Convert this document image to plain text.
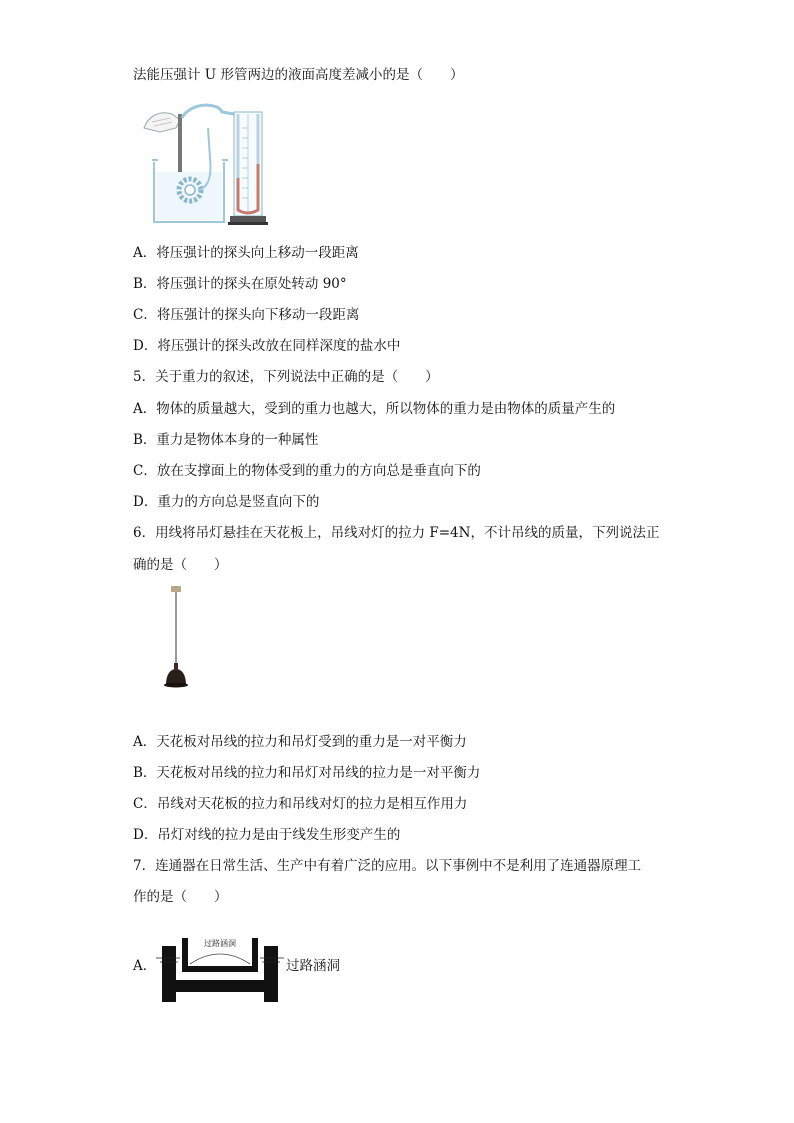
法能压强计 U 形管两边的液面高度差减小的是（　　）
A．将压强计的探头向上移动一段距离
B．将压强计的探头在原处转动 90°
C．将压强计的探头向下移动一段距离
D．将压强计的探头改放在同样深度的盐水中
5．关于重力的叙述，下列说法中正确的是（　　）
A．物体的质量越大，受到的重力也越大，所以物体的重力是由物体的质量产生的
B．重力是物体本身的一种属性
C．放在支撑面上的物体受到的重力的方向总是垂直向下的
D．重力的方向总是竖直向下的
6．用线将吊灯悬挂在天花板上，吊线对灯的拉力 F=4N，不计吊线的质量，下列说法正
确的是（　　）
A．天花板对吊线的拉力和吊灯受到的重力是一对平衡力
B．天花板对吊线的拉力和吊灯对吊线的拉力是一对平衡力
C．吊线对天花板的拉力和吊线对灯的拉力是相互作用力
D．吊灯对线的拉力是由于线发生形变产生的
7．连通器在日常生活、生产中有着广泛的应用。以下事例中不是利用了连通器原理工
作的是（　　）
A．
过路涵洞
过路涵洞
